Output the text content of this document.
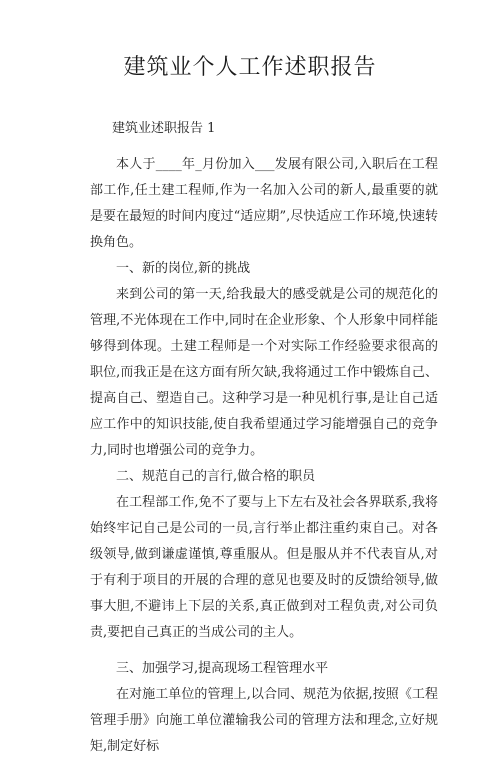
建筑业个人工作述职报告

建筑业述职报告 1

本人于____年_月份加入___发展有限公司,入职后在工程部工作,任土建工程师,作为一名加入公司的新人,最重要的就是要在最短的时间内度过“适应期”,尽快适应工作环境,快速转换角色。

一、新的岗位,新的挑战

来到公司的第一天,给我最大的感受就是公司的规范化的管理,不光体现在工作中,同时在企业形象、个人形象中同样能够得到体现。土建工程师是一个对实际工作经验要求很高的职位,而我正是在这方面有所欠缺,我将通过工作中锻炼自己、提高自己、塑造自己。这种学习是一种见机行事,是让自己适应工作中的知识技能,使自我希望通过学习能增强自己的竞争力,同时也增强公司的竞争力。

二、规范自己的言行,做合格的职员

在工程部工作,免不了要与上下左右及社会各界联系,我将始终牢记自己是公司的一员,言行举止都注重约束自己。对各级领导,做到谦虚谨慎,尊重服从。但是服从并不代表盲从,对于有利于项目的开展的合理的意见也要及时的反馈给领导,做事大胆,不避讳上下层的关系,真正做到对工程负责,对公司负责,要把自己真正的当成公司的主人。

三、加强学习,提高现场工程管理水平

在对施工单位的管理上,以合同、规范为依据,按照《工程管理手册》向施工单位灌输我公司的管理方法和理念,立好规矩,制定好标
